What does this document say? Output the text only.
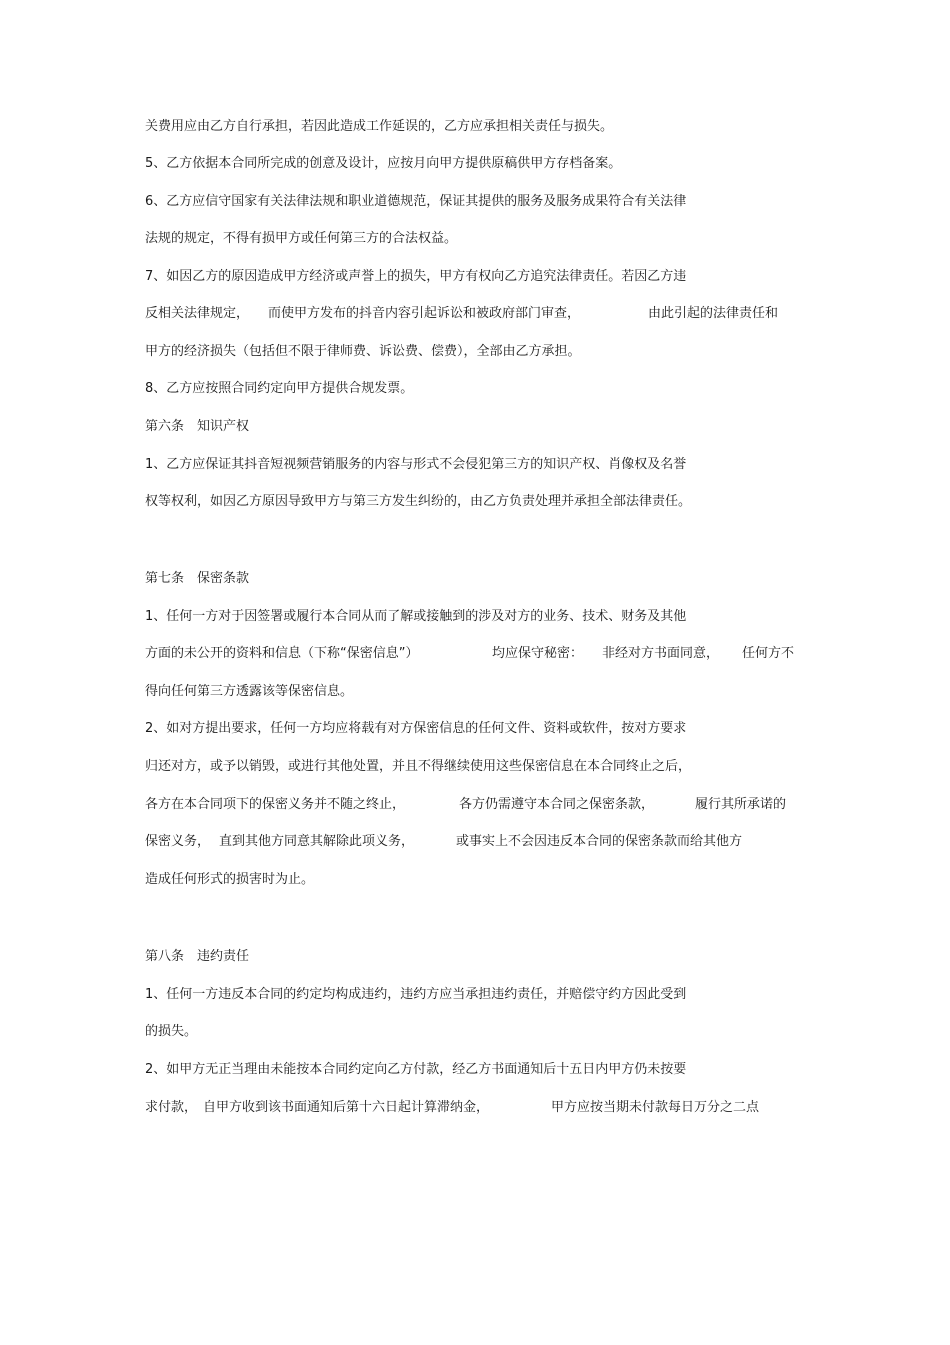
关费用应由乙方自行承担，若因此造成工作延误的，乙方应承担相关责任与损失。
5、乙方依据本合同所完成的创意及设计，应按月向甲方提供原稿供甲方存档备案。
6、乙方应信守国家有关法律法规和职业道德规范，保证其提供的服务及服务成果符合有关法律
法规的规定，不得有损甲方或任何第三方的合法权益。
7、如因乙方的原因造成甲方经济或声誉上的损失，甲方有权向乙方追究法律责任。若因乙方违
反相关法律规定， 而使甲方发布的抖音内容引起诉讼和被政府部门审查，	由此引起的法律责任和
甲方的经济损失（包括但不限于律师费、诉讼费、偿费），全部由乙方承担。
8、乙方应按照合同约定向甲方提供合规发票。
第六条　知识产权
1、乙方应保证其抖音短视频营销服务的内容与形式不会侵犯第三方的知识产权、肖像权及名誉
权等权利，如因乙方原因导致甲方与第三方发生纠纷的，由乙方负责处理并承担全部法律责任。
第七条　保密条款
1、任何一方对于因签署或履行本合同从而了解或接触到的涉及对方的业务、技术、财务及其他
方面的未公开的资料和信息（下称“保密信息”）	均应保守秘密： 非经对方书面同意， 任何方不
得向任何第三方透露该等保密信息。
2、如对方提出要求，任何一方均应将载有对方保密信息的任何文件、资料或软件，按对方要求
归还对方，或予以销毁，或进行其他处置，并且不得继续使用这些保密信息在本合同终止之后，
各方在本合同项下的保密义务并不随之终止，	各方仍需遵守本合同之保密条款，	履行其所承诺的
保密义务， 直到其他方同意其解除此项义务，	或事实上不会因违反本合同的保密条款而给其他方
造成任何形式的损害时为止。
第八条　违约责任
1、任何一方违反本合同的约定均构成违约，违约方应当承担违约责任，并赔偿守约方因此受到
的损失。
2、如甲方无正当理由未能按本合同约定向乙方付款，经乙方书面通知后十五日内甲方仍未按要
求付款， 自甲方收到该书面通知后第十六日起计算滞纳金，	甲方应按当期未付款每日万分之二点
